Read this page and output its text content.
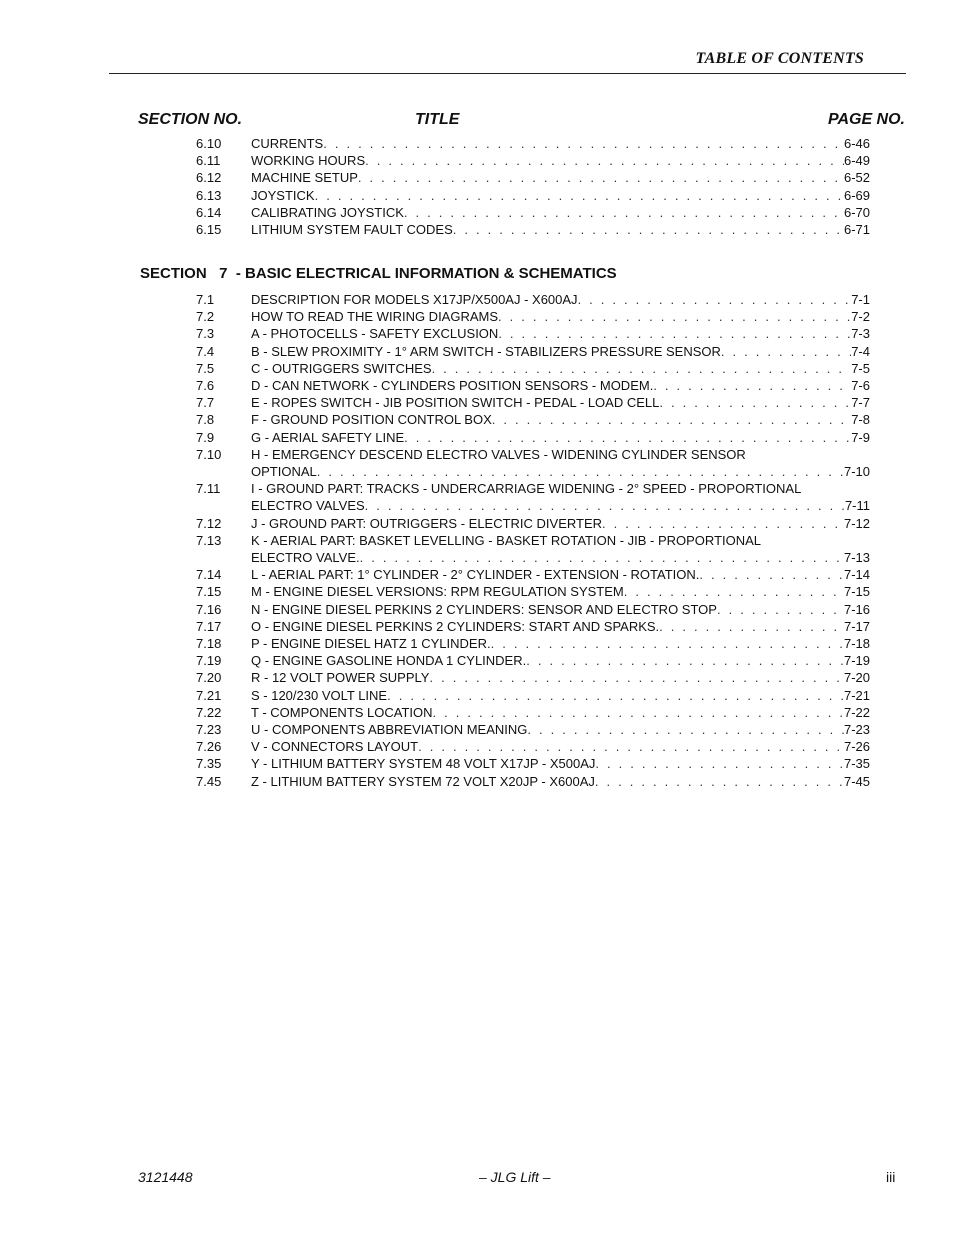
TABLE OF CONTENTS
SECTION NO.	TITLE	PAGE NO.
6.10	CURRENTS . . .	6-46
6.11	WORKING HOURS . . .	6-49
6.12	MACHINE SETUP . . .	6-52
6.13	JOYSTICK . . .	6-69
6.14	CALIBRATING JOYSTICK . . .	6-70
6.15	LITHIUM SYSTEM FAULT CODES . . .	6-71
SECTION   7  - BASIC ELECTRICAL INFORMATION & SCHEMATICS
7.1	DESCRIPTION FOR MODELS X17JP/X500AJ - X600AJ . . .	7-1
7.2	HOW TO READ THE WIRING DIAGRAMS . . .	7-2
7.3	A - PHOTOCELLS - SAFETY EXCLUSION . . .	7-3
7.4	B - SLEW PROXIMITY - 1° ARM SWITCH - STABILIZERS PRESSURE SENSOR . . .	7-4
7.5	C - OUTRIGGERS SWITCHES . . .	7-5
7.6	D - CAN NETWORK - CYLINDERS POSITION SENSORS - MODEM. . . .	7-6
7.7	E - ROPES SWITCH - JIB POSITION SWITCH - PEDAL - LOAD CELL . . .	7-7
7.8	F - GROUND POSITION CONTROL BOX . . .	7-8
7.9	G - AERIAL SAFETY LINE . . .	7-9
7.10	H - EMERGENCY DESCEND ELECTRO VALVES - WIDENING CYLINDER SENSOR
OPTIONAL . . .	7-10
7.11	I - GROUND PART: TRACKS - UNDERCARRIAGE WIDENING - 2° SPEED - PROPORTIONAL
ELECTRO VALVES . . .	7-11
7.12	J - GROUND PART: OUTRIGGERS - ELECTRIC DIVERTER . . .	7-12
7.13	K - AERIAL PART: BASKET LEVELLING - BASKET ROTATION - JIB - PROPORTIONAL
ELECTRO VALVE. . . .	7-13
7.14	L - AERIAL PART: 1° CYLINDER - 2° CYLINDER - EXTENSION - ROTATION. . . .	7-14
7.15	M - ENGINE DIESEL VERSIONS: RPM REGULATION SYSTEM . . .	7-15
7.16	N - ENGINE DIESEL PERKINS 2 CYLINDERS: SENSOR AND ELECTRO STOP . . .	7-16
7.17	O - ENGINE DIESEL PERKINS 2 CYLINDERS: START AND SPARKS. . . .	7-17
7.18	P - ENGINE DIESEL HATZ 1 CYLINDER. . . .	7-18
7.19	Q - ENGINE GASOLINE HONDA 1 CYLINDER. . . .	7-19
7.20	R - 12 VOLT POWER SUPPLY . . .	7-20
7.21	S - 120/230 VOLT LINE . . .	7-21
7.22	T - COMPONENTS LOCATION . . .	7-22
7.23	U - COMPONENTS ABBREVIATION MEANING . . .	7-23
7.26	V - CONNECTORS LAYOUT . . .	7-26
7.35	Y - LITHIUM BATTERY SYSTEM 48 VOLT X17JP - X500AJ . . .	7-35
7.45	Z - LITHIUM BATTERY SYSTEM 72 VOLT X20JP - X600AJ . . .	7-45
3121448	– JLG Lift –	iii
